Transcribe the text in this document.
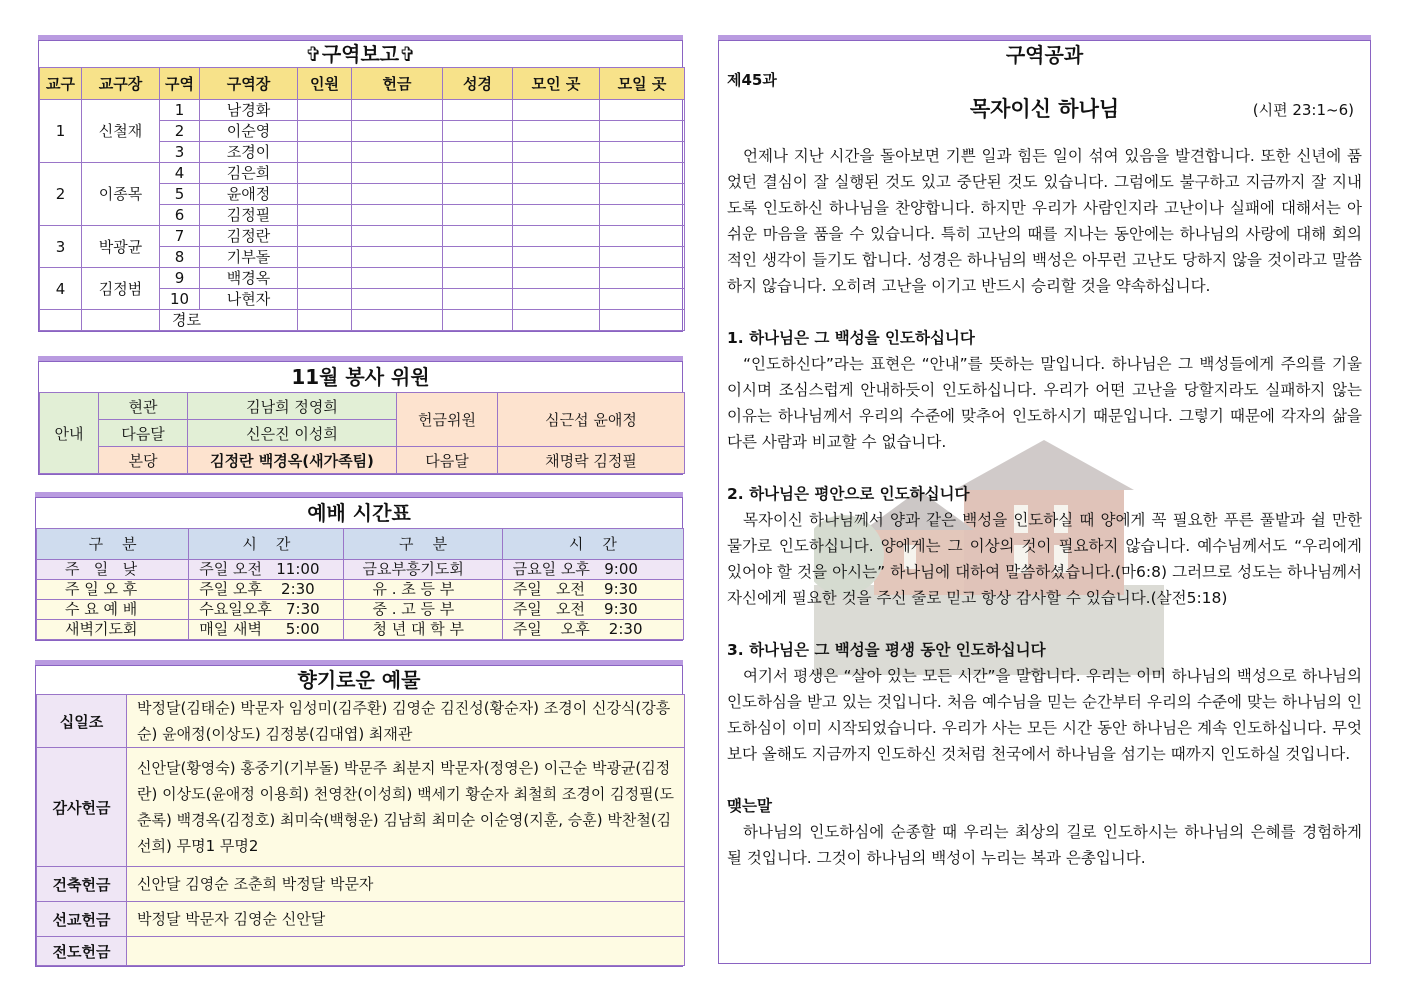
✞구역보고✞
교구	교구장	구역	구역장	인원	헌금	성경	모인 곳	모일 곳
1	신철재	1	남경화					
		2	이순영					
		3	조경이					
2	이종목	4	김은희					
		5	윤애정					
		6	김정필					
3	박광균	7	김정란					
		8	기부돌					
4	김정범	9	백경옥					
		10	나현자					
		경로						
11월 봉사 위원
안내	현관	김남희 정영희	헌금위원	심근섭 윤애정
	다음달	신은진 이성희		
	본당	김정란 백경옥(새가족팀)	다음달	채명락 김정필
예배 시간표
구    분	시    간	구    분	시    간
주   일   낮	주일 오전   11:00	금요부흥기도회	금요일 오후   9:00
주 일 오 후	주일 오후    2:30	유 . 초 등 부	주일   오전    9:30
수 요 예 배	수요일오후   7:30	중 . 고 등 부	주일   오전    9:30
새벽기도회	매일 새벽     5:00	청 년 대 학 부	주일    오후    2:30
향기로운 예물
십일조	박정달(김태순) 박문자 임성미(김주환) 김영순 김진성(황순자) 조경이 신강식(강흥순) 윤애정(이상도) 김정봉(김대엽) 최재관
감사헌금	신안달(황영숙) 홍중기(기부돌) 박문주 최분지 박문자(정영은) 이근순 박광균(김정란) 이상도(윤애정 이용희) 천영찬(이성희) 백세기 황순자 최철희 조경이 김정필(도춘록) 백경옥(김정호) 최미숙(백형운) 김남희 최미순 이순영(지훈, 승훈) 박찬철(김선희) 무명1 무명2
건축헌금	신안달 김영순 조춘희 박정달 박문자
선교헌금	박정달 박문자 김영순 신안달
전도헌금	
구역공과
제45과
목자이신 하나님	(시편 23:1~6)

언제나 지난 시간을 돌아보면 기쁜 일과 힘든 일이 섞여 있음을 발견합니다. 또한 신년에 품었던 결심이 잘 실행된 것도 있고 중단된 것도 있습니다. 그럼에도 불구하고 지금까지 잘 지내도록 인도하신 하나님을 찬양합니다. 하지만 우리가 사람인지라 고난이나 실패에 대해서는 아쉬운 마음을 품을 수 있습니다. 특히 고난의 때를 지나는 동안에는 하나님의 사랑에 대해 회의적인 생각이 들기도 합니다. 성경은 하나님의 백성은 아무런 고난도 당하지 않을 것이라고 말씀하지 않습니다. 오히려 고난을 이기고 반드시 승리할 것을 약속하십니다.

1. 하나님은 그 백성을 인도하십니다

“인도하신다”라는 표현은 “안내”를 뜻하는 말입니다. 하나님은 그 백성들에게 주의를 기울이시며 조심스럽게 안내하듯이 인도하십니다. 우리가 어떤 고난을 당할지라도 실패하지 않는 이유는 하나님께서 우리의 수준에 맞추어 인도하시기 때문입니다. 그렇기 때문에 각자의 삶을 다른 사람과 비교할 수 없습니다.

2. 하나님은 평안으로 인도하십니다

목자이신 하나님께서 양과 같은 백성을 인도하실 때 양에게 꼭 필요한 푸른 풀밭과 쉴 만한 물가로 인도하십니다. 양에게는 그 이상의 것이 필요하지 않습니다. 예수님께서도 “우리에게 있어야 할 것을 아시는” 하나님에 대하여 말씀하셨습니다.(마6:8) 그러므로 성도는 하나님께서 자신에게 필요한 것을 주신 줄로 믿고 항상 감사할 수 있습니다.(살전5:18)

3. 하나님은 그 백성을 평생 동안 인도하십니다

여기서 평생은 “살아 있는 모든 시간”을 말합니다. 우리는 이미 하나님의 백성으로 하나님의 인도하심을 받고 있는 것입니다. 처음 예수님을 믿는 순간부터 우리의 수준에 맞는 하나님의 인도하심이 이미 시작되었습니다. 우리가 사는 모든 시간 동안 하나님은 계속 인도하십니다. 무엇보다 올해도 지금까지 인도하신 것처럼 천국에서 하나님을 섬기는 때까지 인도하실 것입니다.

맺는말

하나님의 인도하심에 순종할 때 우리는 최상의 길로 인도하시는 하나님의 은혜를 경험하게 될 것입니다. 그것이 하나님의 백성이 누리는 복과 은총입니다.
